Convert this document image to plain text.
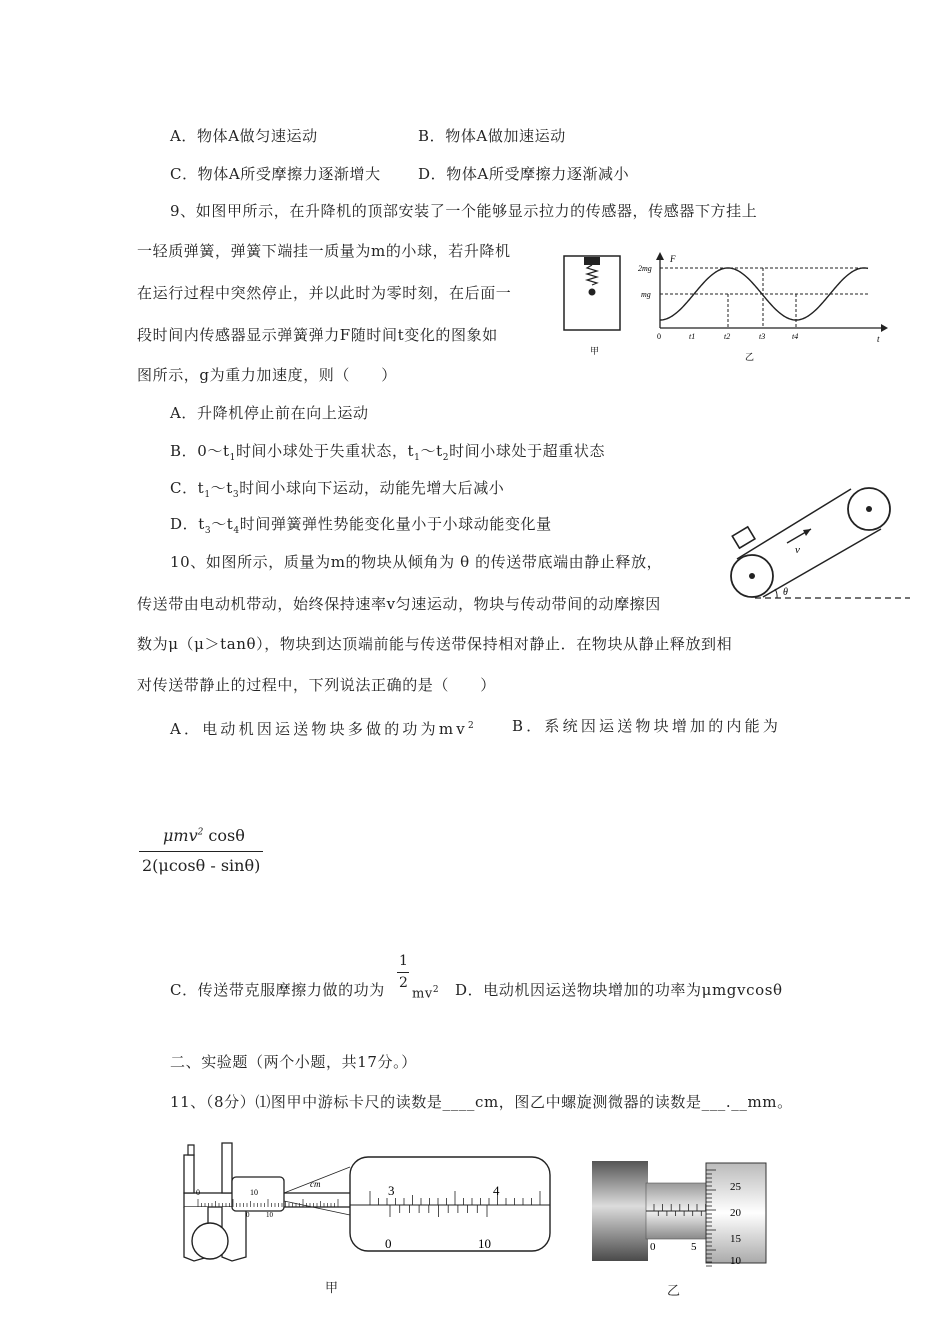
A．物体A做匀速运动	B．物体A做加速运动
C．物体A所受摩擦力逐渐增大 D．物体A所受摩擦力逐渐减小
9、如图甲所示，在升降机的顶部安装了一个能够显示拉力的传感器，传感器下方挂上
一轻质弹簧，弹簧下端挂一质量为m的小球，若升降机
在运行过程中突然停止，并以此时为零时刻，在后面一
段时间内传感器显示弹簧弹力F随时间t变化的图象如
图所示，g为重力加速度，则（　　）
甲
F
t
2mg
mg
0	t1	t2	t3	t4
乙
A．升降机停止前在向上运动
B．$0\sim t_1$时间小球处于失重状态，$t_1\sim t_2$时间小球处于超重状态
C．$t_1\sim t_3$时间小球向下运动，动能先增大后减小
D．$t_3\sim t_4$时间弹簧弹性势能变化量小于小球动能变化量
v
θ
10、如图所示，质量为m的物块从倾角为 θ 的传送带底端由静止释放，
传送带由电动机带动，始终保持速率v匀速运动，物块与传动带间的动摩擦因
数为μ（μ＞tanθ），物块到达顶端前能与传送带保持相对静止．在物块从静止释放到相
对传送带静止的过程中，下列说法正确的是（　　）
A．电动机因运送物块多做的功为$mv^2$ B．系统因运送物块增加的内能为
μmv$^2$ cosθ
2(μcosθ - sinθ)
C．传送带克服摩擦力做的功为
1
2
$mv^2$ D．电动机因运送物块增加的功率为μmgvcosθ
二、实验题（两个小题，共17分。）
11、（8分）⑴图甲中游标卡尺的读数是____cm，图乙中螺旋测微器的读数是___.__mm。
0	10
0 10
cm	3	4
0	10
甲
0	5
25
20
15
10
乙
